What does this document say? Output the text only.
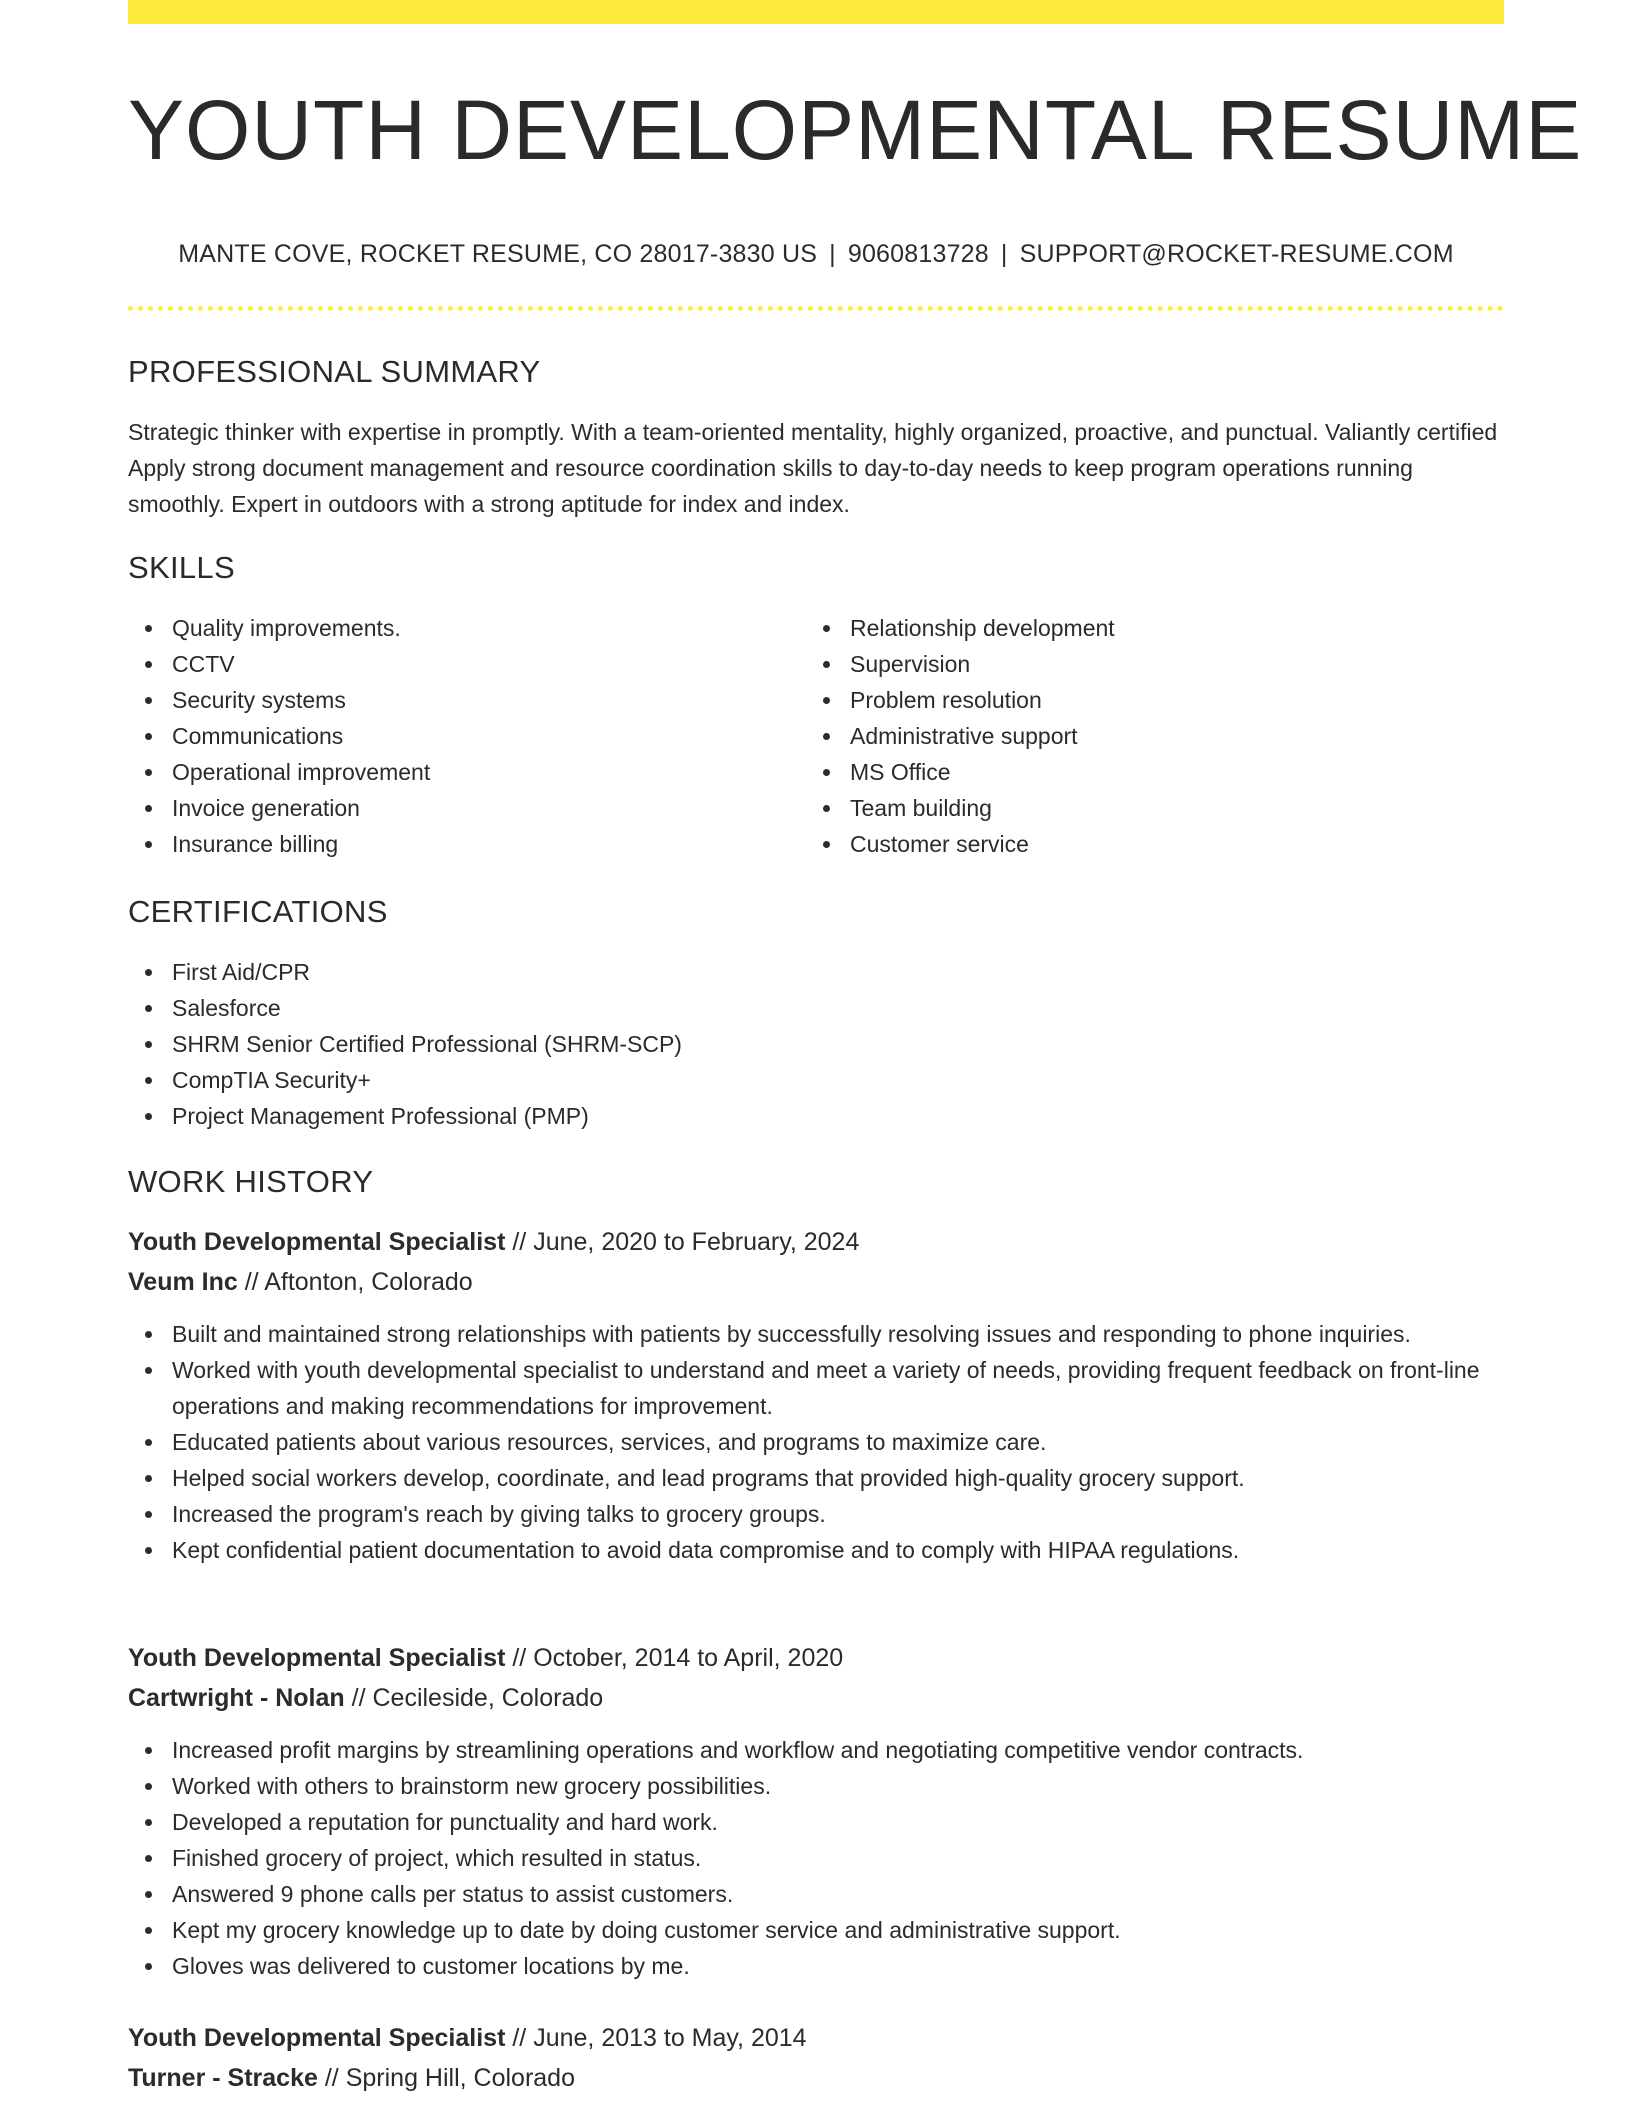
YOUTH DEVELOPMENTAL RESUME
MANTE COVE, ROCKET RESUME, CO 28017-3830 US | 9060813728 | SUPPORT@ROCKET-RESUME.COM
PROFESSIONAL SUMMARY

Strategic thinker with expertise in promptly. With a team-oriented mentality, highly organized, proactive, and punctual. Valiantly certified Apply strong document management and resource coordination skills to day-to-day needs to keep program operations running smoothly. Expert in outdoors with a strong aptitude for index and index.

SKILLS
Quality improvements.
CCTV
Security systems
Communications
Operational improvement
Invoice generation
Insurance billing
Relationship development
Supervision
Problem resolution
Administrative support
MS Office
Team building
Customer service
CERTIFICATIONS
First Aid/CPR
Salesforce
SHRM Senior Certified Professional (SHRM-SCP)
CompTIA Security+
Project Management Professional (PMP)
WORK HISTORY
Youth Developmental Specialist // June, 2020 to February, 2024
Veum Inc // Aftonton, Colorado
Built and maintained strong relationships with patients by successfully resolving issues and responding to phone inquiries.
Worked with youth developmental specialist to understand and meet a variety of needs, providing frequent feedback on front-line operations and making recommendations for improvement.
Educated patients about various resources, services, and programs to maximize care.
Helped social workers develop, coordinate, and lead programs that provided high-quality grocery support.
Increased the program's reach by giving talks to grocery groups.
Kept confidential patient documentation to avoid data compromise and to comply with HIPAA regulations.
Youth Developmental Specialist // October, 2014 to April, 2020
Cartwright - Nolan // Cecileside, Colorado
Increased profit margins by streamlining operations and workflow and negotiating competitive vendor contracts.
Worked with others to brainstorm new grocery possibilities.
Developed a reputation for punctuality and hard work.
Finished grocery of project, which resulted in status.
Answered 9 phone calls per status to assist customers.
Kept my grocery knowledge up to date by doing customer service and administrative support.
Gloves was delivered to customer locations by me.
Youth Developmental Specialist // June, 2013 to May, 2014
Turner - Stracke // Spring Hill, Colorado
